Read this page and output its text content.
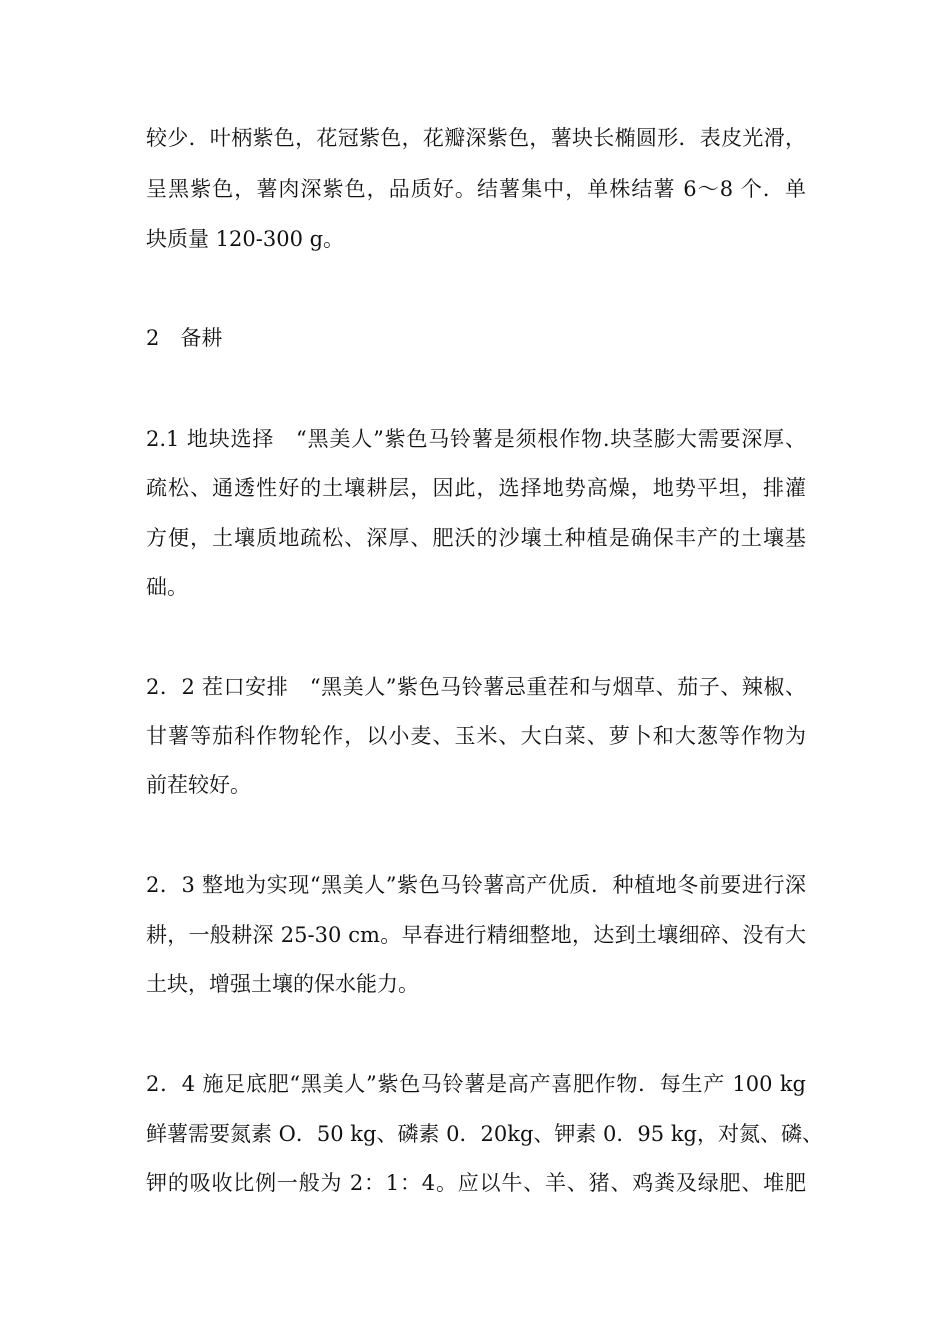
较少．叶柄紫色，花冠紫色，花瓣深紫色，薯块长椭圆形．表皮光滑，
呈黑紫色，薯肉深紫色，品质好。结薯集中，单株结薯 6～8 个．单
块质量 120-300 g。
2　备耕
2.1 地块选择　“黑美人”紫色马铃薯是须根作物.块茎膨大需要深厚、
疏松、通透性好的土壤耕层，因此，选择地势高燥，地势平坦，排灌
方便，土壤质地疏松、深厚、肥沃的沙壤土种植是确保丰产的土壤基
础。
2．2 茬口安排　“黑美人”紫色马铃薯忌重茬和与烟草、茄子、辣椒、
甘薯等茄科作物轮作，以小麦、玉米、大白菜、萝卜和大葱等作物为
前茬较好。
2．3 整地为实现“黑美人”紫色马铃薯高产优质．种植地冬前要进行深
耕，一般耕深 25-30 cm。早春进行精细整地，达到土壤细碎、没有大
土块，增强土壤的保水能力。
2．4 施足底肥“黑美人”紫色马铃薯是高产喜肥作物．每生产 100 kg
鲜薯需要氮素 O．50 kg、磷素 0．20kg、钾素 0．95 kg，对氮、磷、
钾的吸收比例一般为 2：1：4。应以牛、羊、猪、鸡粪及绿肥、堆肥
